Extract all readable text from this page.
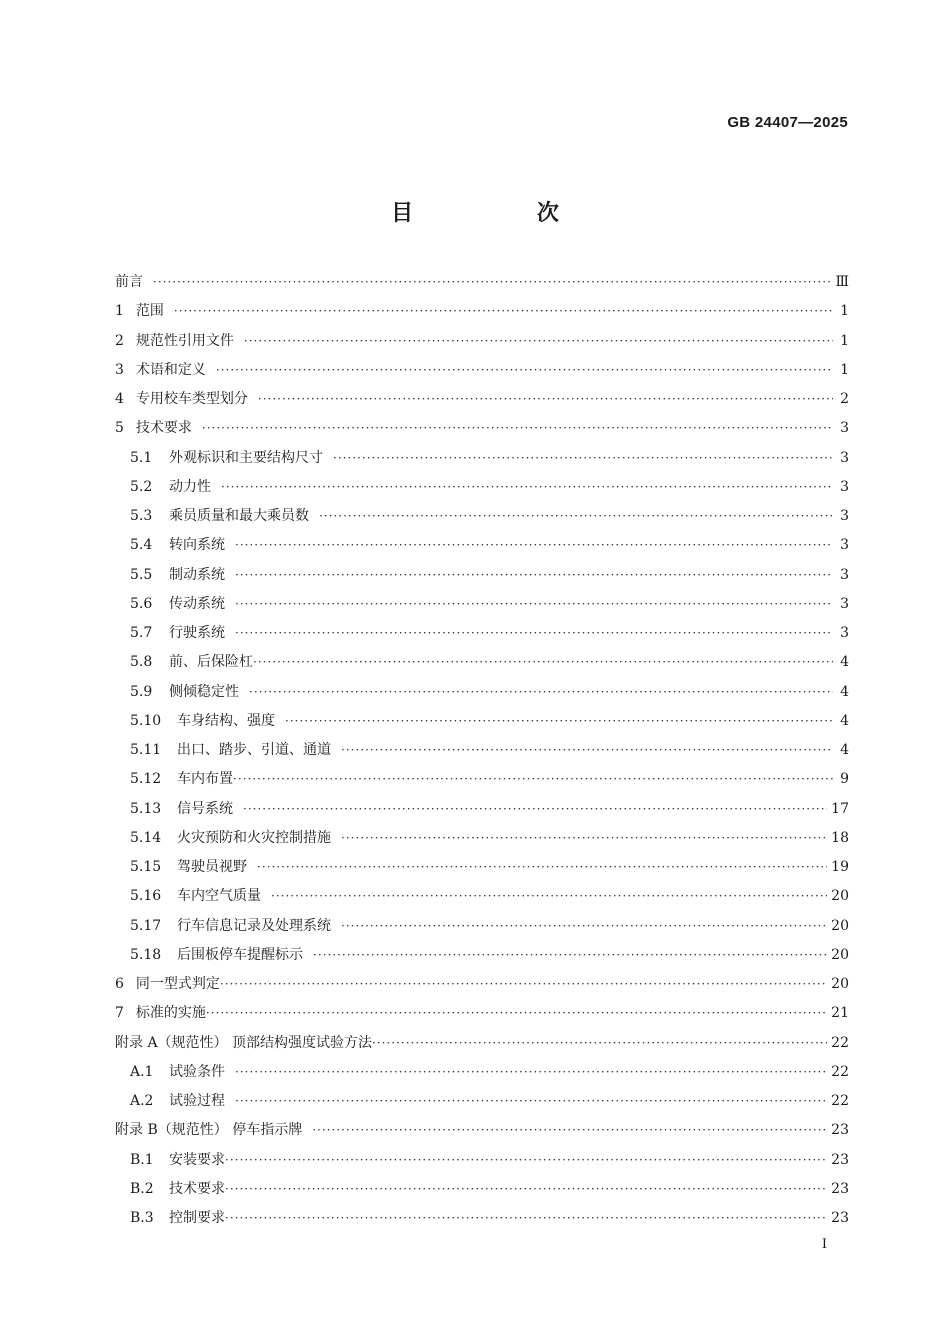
GB 24407—2025
目 次
前言 ·····	Ⅲ
1 范围 ·····	1
2 规范性引用文件 ·····	1
3 术语和定义 ·····	1
4 专用校车类型划分 ·····	2
5 技术要求 ·····	3
5.1	外观标识和主要结构尺寸 ·····	3
5.2	动力性 ·····	3
5.3	乘员质量和最大乘员数 ·····	3
5.4	转向系统 ·····	3
5.5	制动系统 ·····	3
5.6	传动系统 ·····	3
5.7	行驶系统 ·····	3
5.8	前、后保险杠 ·····	4
5.9	侧倾稳定性 ·····	4
5.10	车身结构、强度 ·····	4
5.11	出口、踏步、引道、通道 ·····	4
5.12	车内布置 ·····	9
5.13	信号系统 ·····	17
5.14	火灾预防和火灾控制措施 ·····	18
5.15	驾驶员视野 ·····	19
5.16	车内空气质量 ·····	20
5.17	行车信息记录及处理系统 ·····	20
5.18	后围板停车提醒标示 ·····	20
6 同一型式判定 ·····	20
7 标准的实施 ·····	21
附录 A（规范性） 顶部结构强度试验方法 ·····	22
A.1	试验条件 ·····	22
A.2	试验过程 ·····	22
附录 B（规范性） 停车指示牌 ·····	23
B.1	安装要求 ·····	23
B.2	技术要求 ·····	23
B.3	控制要求 ·····	23
I
